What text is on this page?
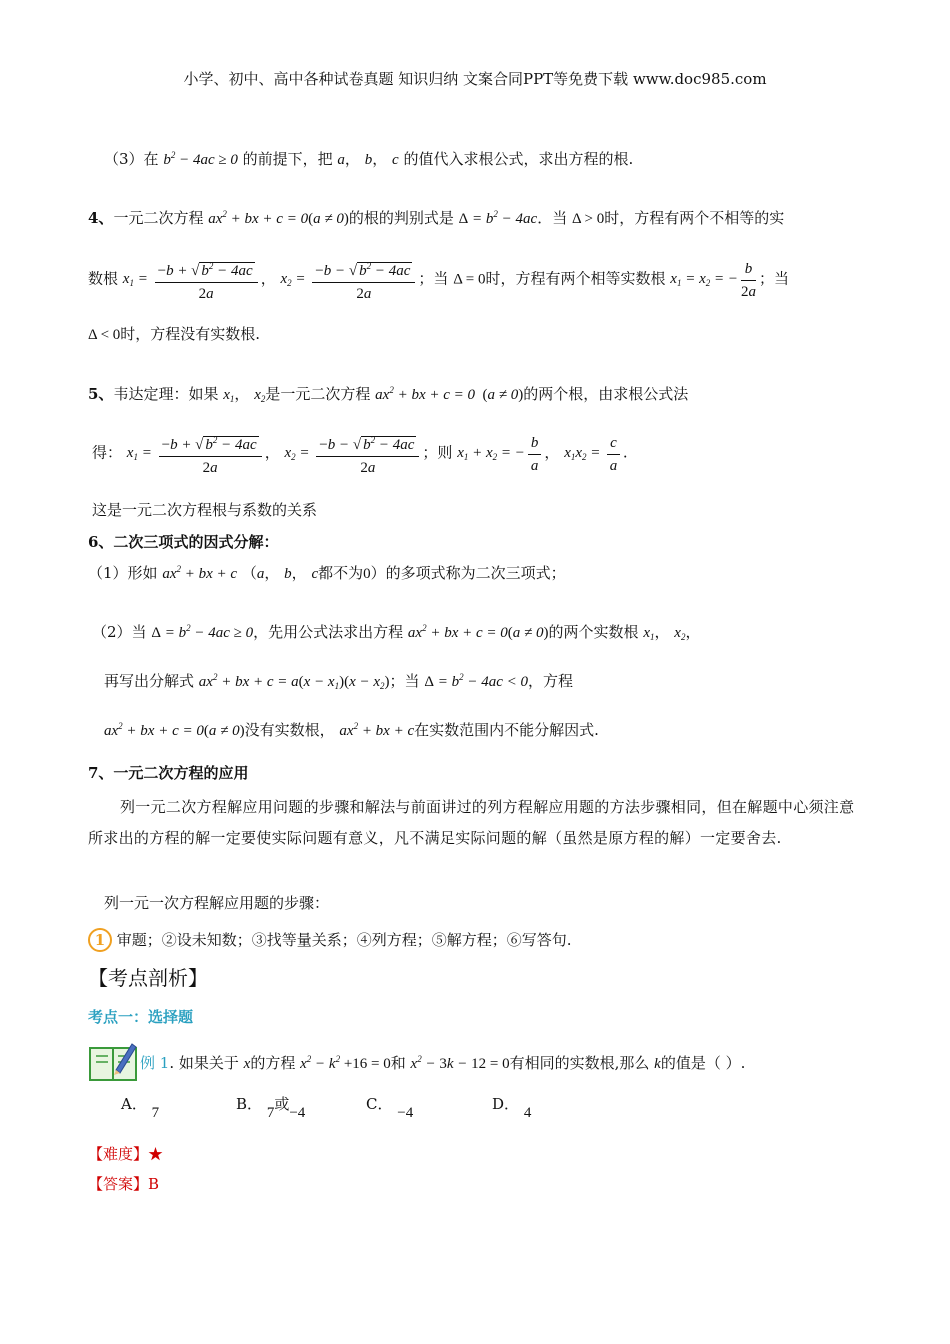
小学、初中、高中各种试卷真题 知识归纳 文案合同PPT等免费下载 www.doc985.com
（3）在 $b^2 - 4ac \ge 0$ 的前提下，把 a， b， c 的值代入求根公式，求出方程的根.
4、一元二次方程 $ax^2$ + bx + c = 0(a ≠ 0)的根的判别式是 $\Delta = b^2 - 4ac$．当 Δ > 0时，方程有两个不相等的实
数根 $x_1 = \frac{-b + √ b^2 - 4ac}{2a}$ ， $x_2 = \frac{-b - √ b^2 - 4ac}{2a}$ ；当 Δ = 0时，方程有两个相等实数根 $x_1 = x_2$ = − $\frac{b}{2a}$ ；当
Δ < 0时，方程没有实数根.
5、韦达定理：如果 $x_1$， $x_2$是一元二次方程 $ax^2$ + bx + c = 0  (a ≠ 0)的两个根，由求根公式法
得： $x_1 = \frac{-b + √ b^2 - 4ac}{2a}$ ， $x_2 = \frac{-b - √ b^2 - 4ac}{2a}$ ；则 $x_1 + x_2$ = − $\frac{b}{a}$ ， $x_1x_2 = \frac{c}{a}$ .
这是一元二次方程根与系数的关系
6、二次三项式的因式分解：
（1）形如 $ax^2$ + bx + c （a， b， c都不为0）的多项式称为二次三项式；
（2）当 $\Delta = b^2 - 4ac \ge 0$，先用公式法求出方程 $ax^2$ + bx + c = 0(a ≠ 0)的两个实数根 $x_1$， $x_2$，
再写出分解式 $ax^2$ + bx + $c = a(x - x_1)(x - x_2)$；当 $\Delta = b^2 - 4ac < 0$，方程
$ax^2$ + bx + c = 0(a ≠ 0)没有实数根， $ax^2$ + bx + c在实数范围内不能分解因式.
7、一元二次方程的应用
列一元二次方程解应用问题的步骤和解法与前面讲过的列方程解应用题的方法步骤相同，但在解题中心须注意所求出的方程的解一定要使实际问题有意义，凡不满足实际问题的解（虽然是原方程的解）一定要舍去.
列一元一次方程解应用题的步骤：
1 审题；②设未知数；③找等量关系；④列方程；⑤解方程；⑥写答句.
【考点剖析】
考点一：选择题
例 1. 如果关于 x的方程 $x^2 - k^2 +16 = 0$和 $x^2 - 3k - 12 = 0$有相同的实数根,那么 k的值是（ ）.
A． 7	B． 7或−4	C． −4	D． 4
【难度】★
【答案】B
